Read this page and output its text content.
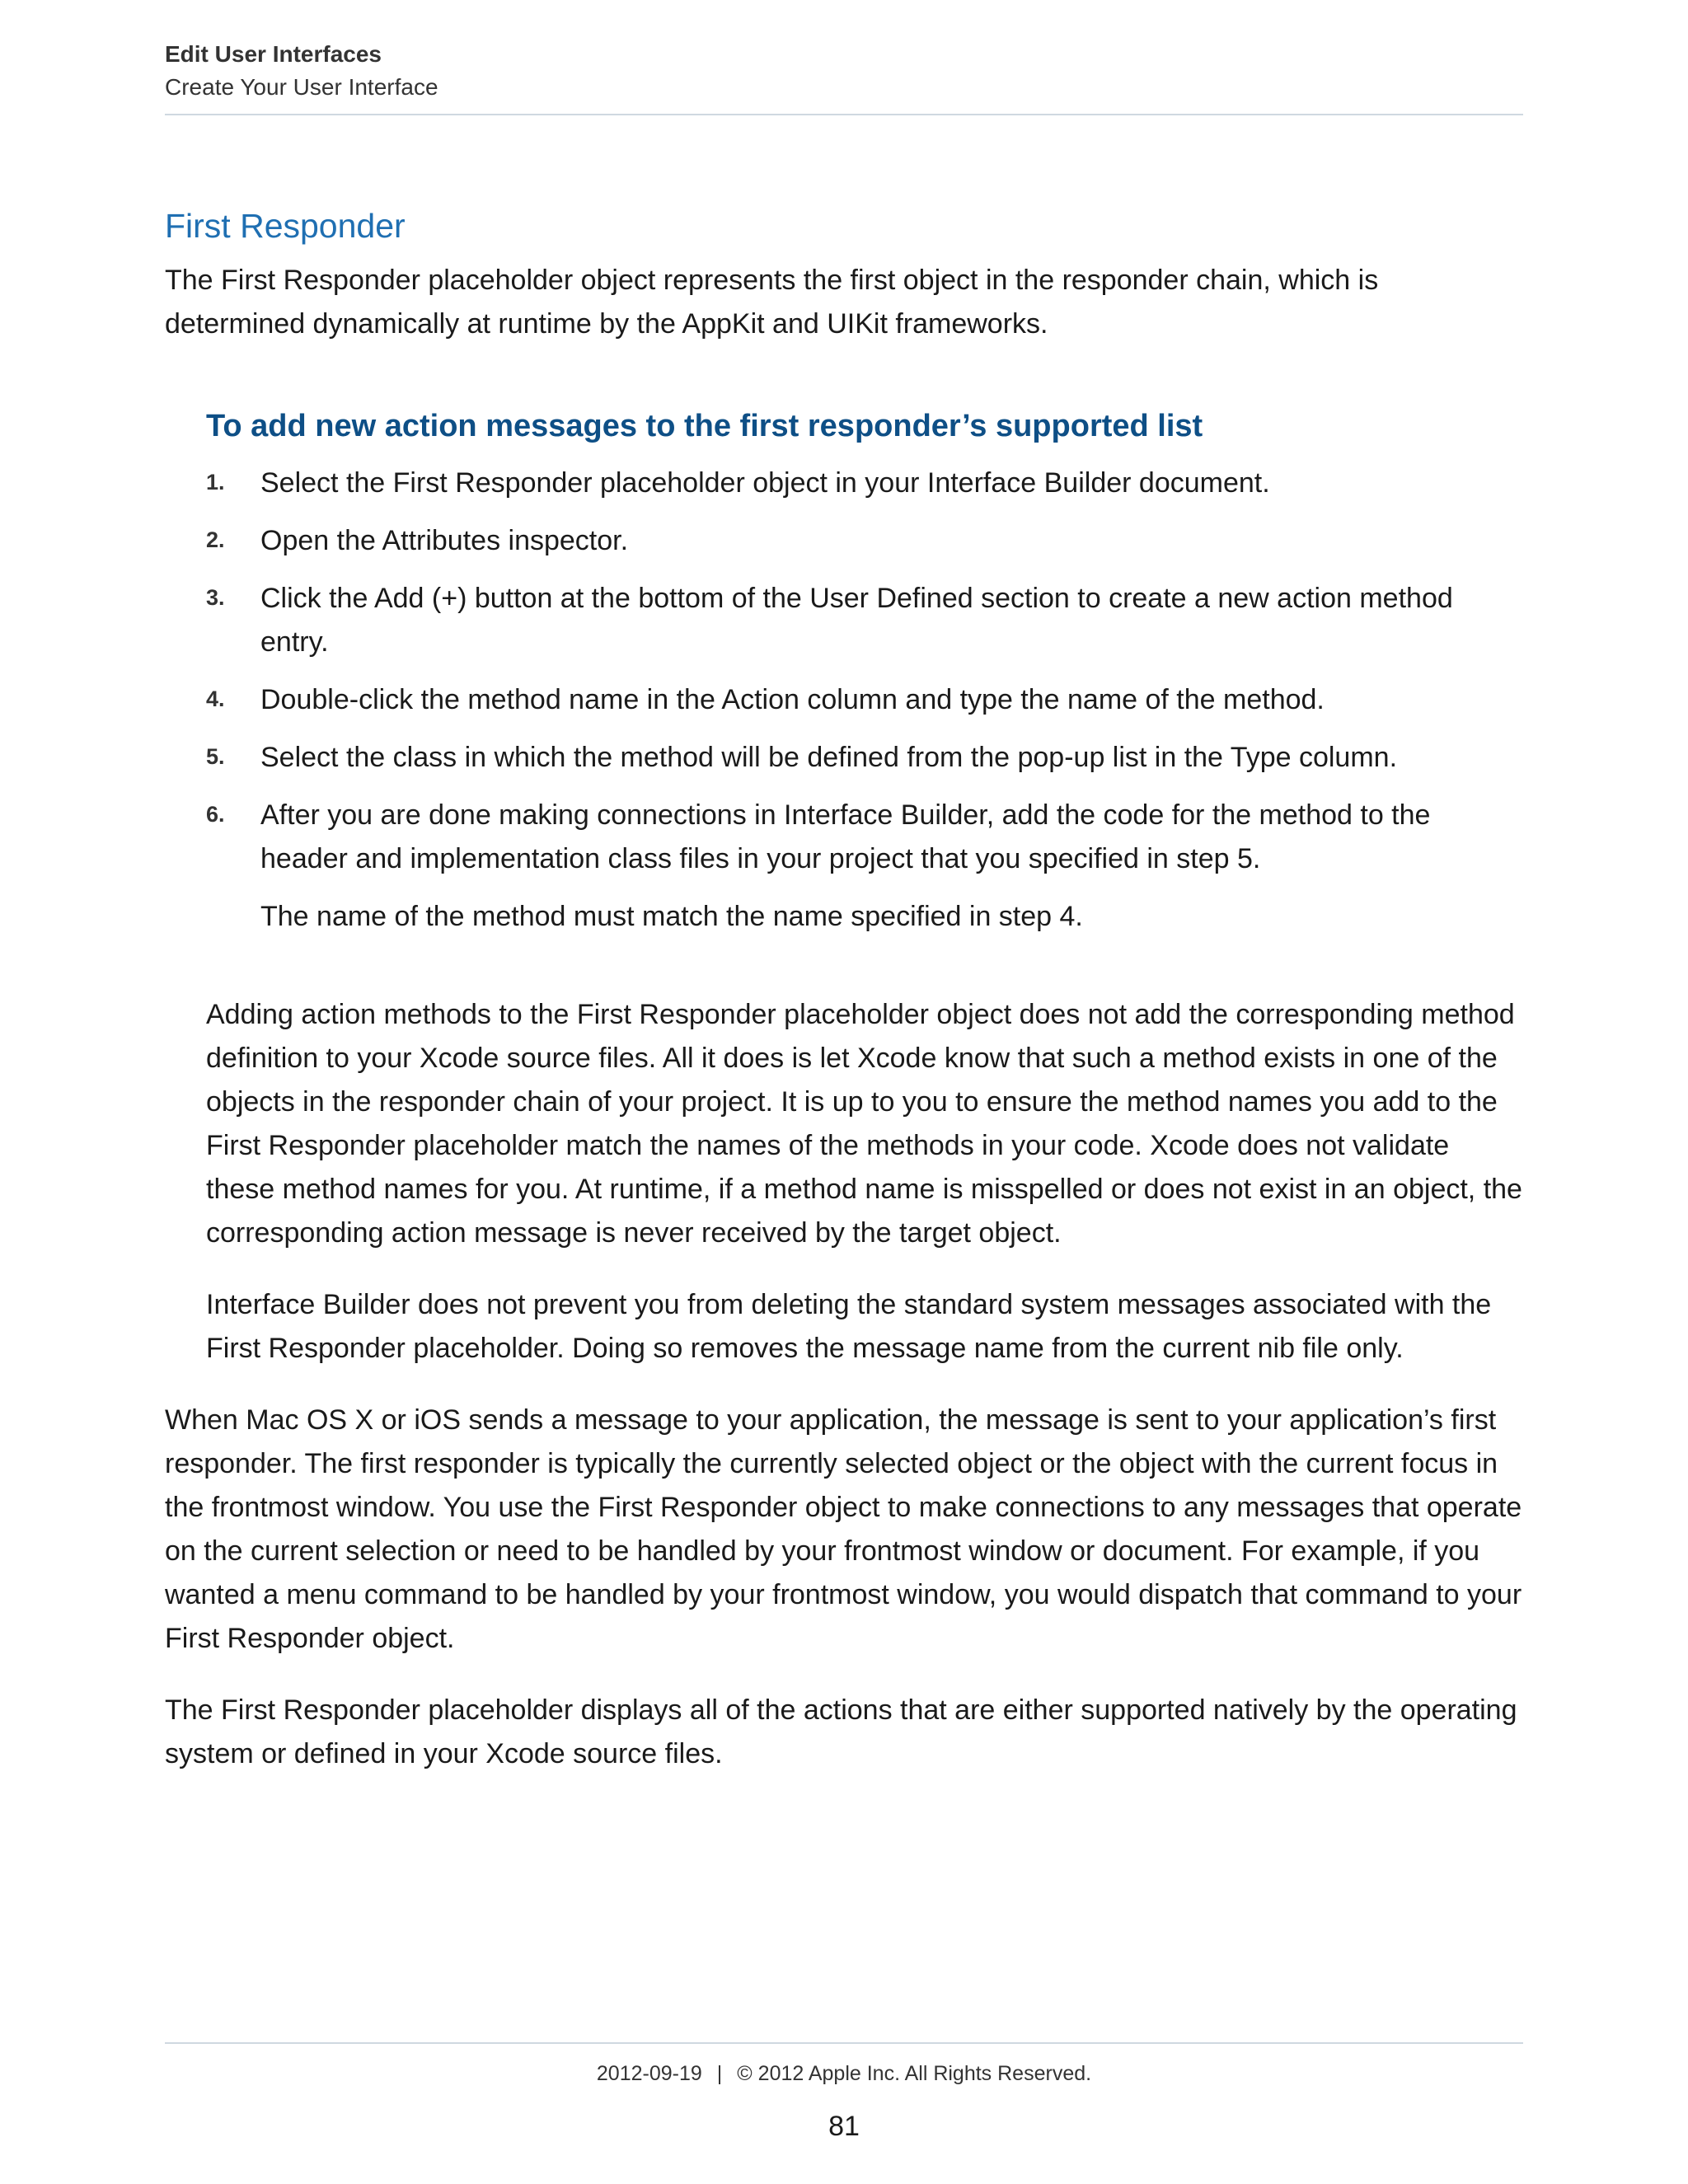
Edit User Interfaces
Create Your User Interface
First Responder

The First Responder placeholder object represents the first object in the responder chain, which is determined dynamically at runtime by the AppKit and UIKit frameworks.

To add new action messages to the first responder’s supported list
1. Select the First Responder placeholder object in your Interface Builder document.
2. Open the Attributes inspector.
3. Click the Add (+) button at the bottom of the User Defined section to create a new action method entry.
4. Double-click the method name in the Action column and type the name of the method.
5. Select the class in which the method will be defined from the pop-up list in the Type column.
6. After you are done making connections in Interface Builder, add the code for the method to the header and implementation class files in your project that you specified in step 5.
The name of the method must match the name specified in step 4.

Adding action methods to the First Responder placeholder object does not add the corresponding method definition to your Xcode source files. All it does is let Xcode know that such a method exists in one of the objects in the responder chain of your project. It is up to you to ensure the method names you add to the First Responder placeholder match the names of the methods in your code. Xcode does not validate these method names for you. At runtime, if a method name is misspelled or does not exist in an object, the corresponding action message is never received by the target object.

Interface Builder does not prevent you from deleting the standard system messages associated with the First Responder placeholder. Doing so removes the message name from the current nib file only.

When Mac OS X or iOS sends a message to your application, the message is sent to your application’s first responder. The first responder is typically the currently selected object or the object with the current focus in the frontmost window. You use the First Responder object to make connections to any messages that operate on the current selection or need to be handled by your frontmost window or document. For example, if you wanted a menu command to be handled by your frontmost window, you would dispatch that command to your First Responder object.

The First Responder placeholder displays all of the actions that are either supported natively by the operating system or defined in your Xcode source files.

2012-09-19 | © 2012 Apple Inc. All Rights Reserved.
81
